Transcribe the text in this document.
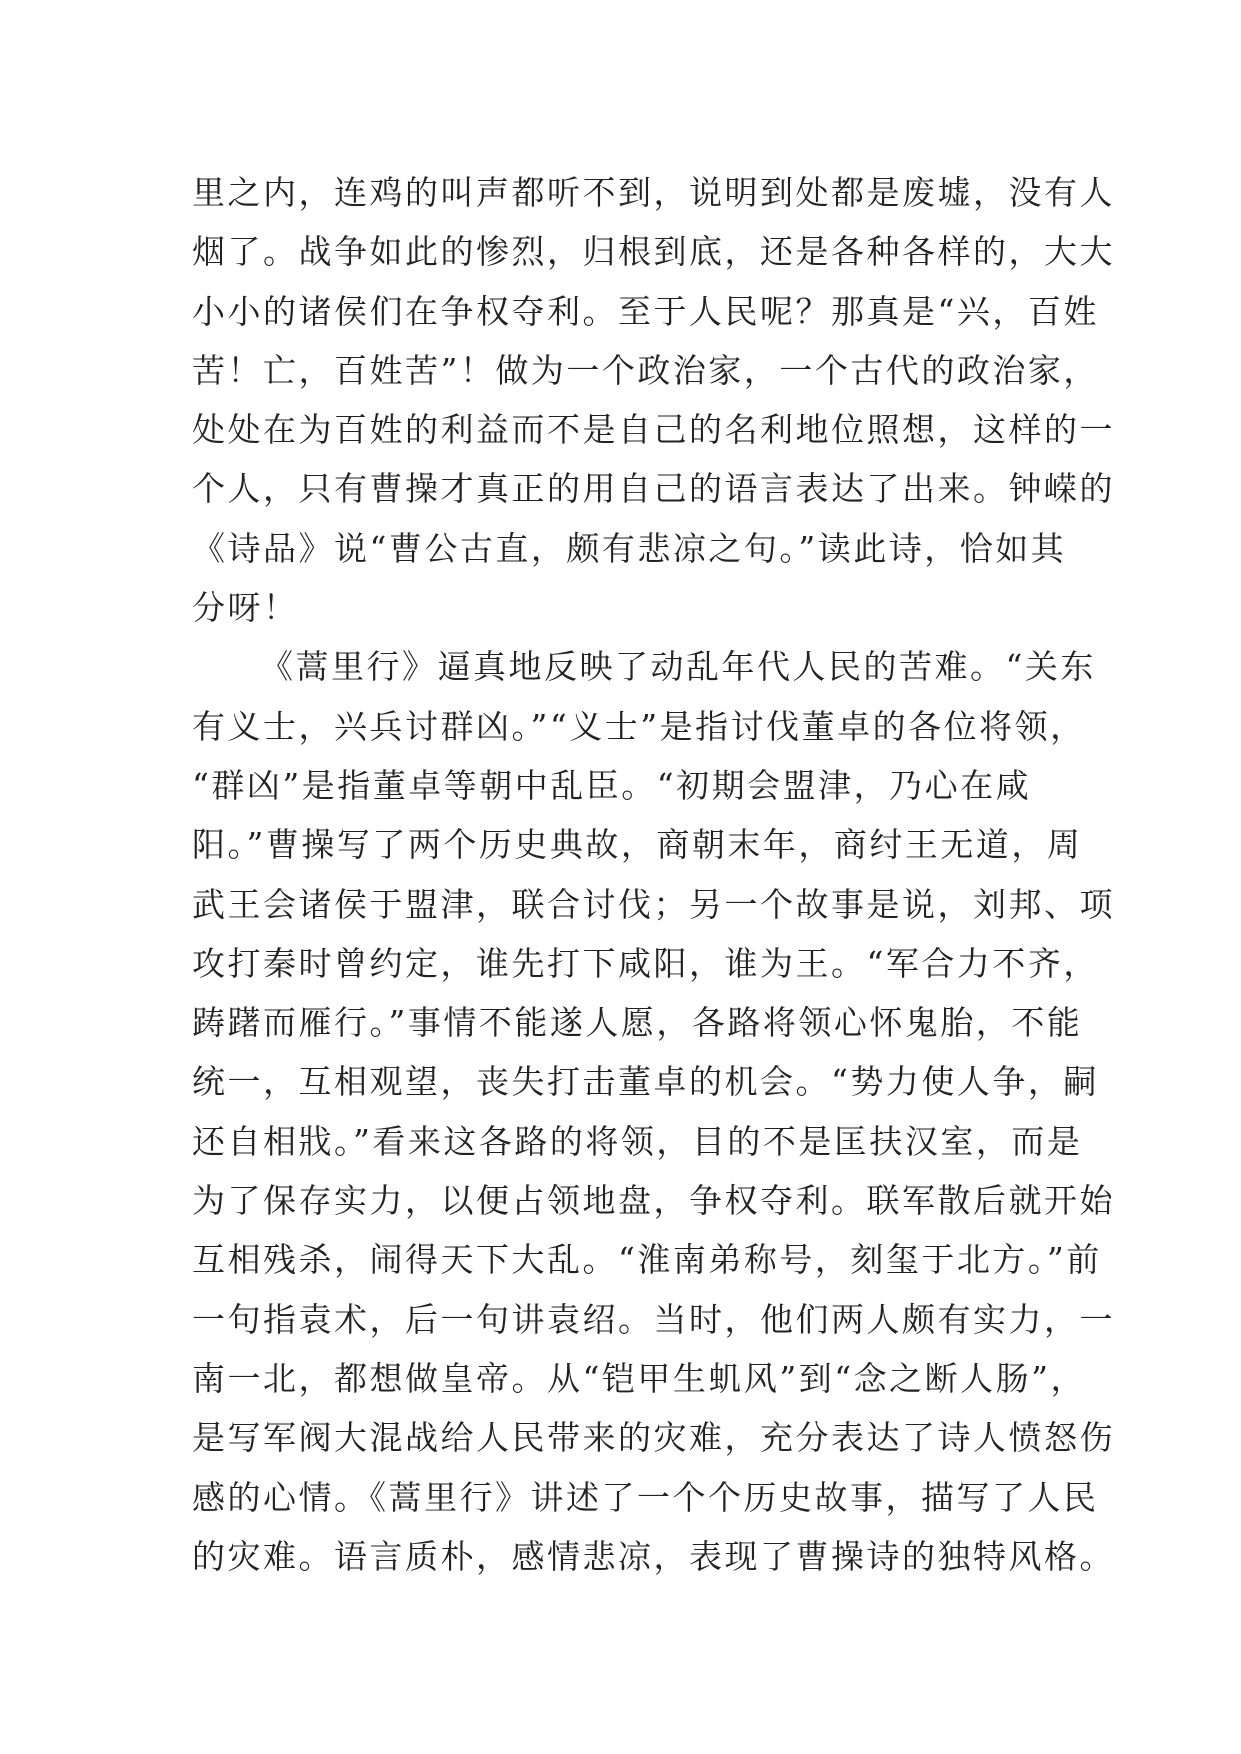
里之内，连鸡的叫声都听不到，说明到处都是废墟，没有人
烟了。战争如此的惨烈，归根到底，还是各种各样的，大大
小小的诸侯们在争权夺利。至于人民呢？那真是“兴，百姓
苦！亡，百姓苦”！做为一个政治家，一个古代的政治家，
处处在为百姓的利益而不是自己的名利地位照想，这样的一
个人，只有曹操才真正的用自己的语言表达了出来。钟嵘的
《诗品》说“曹公古直，颇有悲凉之句。”读此诗，恰如其
分呀！
《蒿里行》逼真地反映了动乱年代人民的苦难。“关东
有义士，兴兵讨群凶。”“义士”是指讨伐董卓的各位将领，
“群凶”是指董卓等朝中乱臣。“初期会盟津，乃心在咸
阳。”曹操写了两个历史典故，商朝末年，商纣王无道，周
武王会诸侯于盟津，联合讨伐；另一个故事是说，刘邦、项
攻打秦时曾约定，谁先打下咸阳，谁为王。“军合力不齐，
踌躇而雁行。”事情不能遂人愿，各路将领心怀鬼胎，不能
统一，互相观望，丧失打击董卓的机会。“势力使人争，嗣
还自相戕。”看来这各路的将领，目的不是匡扶汉室，而是
为了保存实力，以便占领地盘，争权夺利。联军散后就开始
互相残杀，闹得天下大乱。“淮南弟称号，刻玺于北方。”前
一句指袁术，后一句讲袁绍。当时，他们两人颇有实力，一
南一北，都想做皇帝。从“铠甲生虮风”到“念之断人肠”，
是写军阀大混战给人民带来的灾难，充分表达了诗人愤怒伤
感的心情。《蒿里行》讲述了一个个历史故事，描写了人民
的灾难。语言质朴，感情悲凉，表现了曹操诗的独特风格。
